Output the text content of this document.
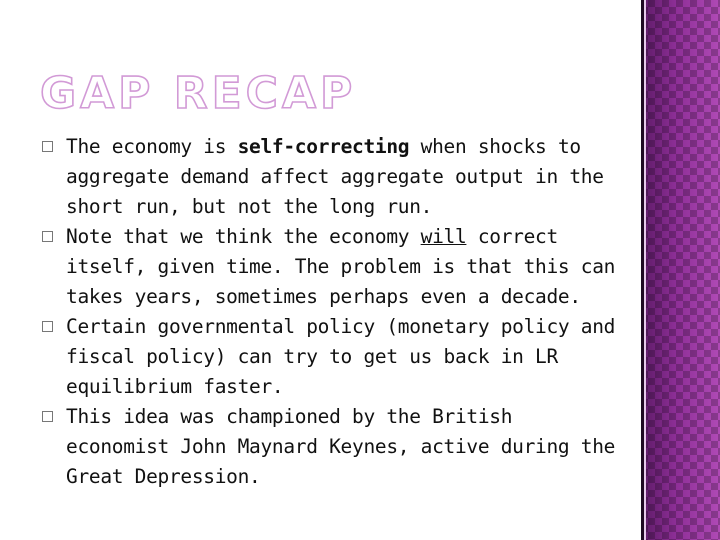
GAP RECAP
The economy is self-correcting when shocks to aggregate demand affect aggregate output in the short run, but not the long run.
Note that we think the economy will correct itself, given time. The problem is that this can takes years, sometimes perhaps even a decade.
Certain governmental policy (monetary policy and fiscal policy) can try to get us back in LR equilibrium faster.
This idea was championed by the British economist John Maynard Keynes, active during the Great Depression.
